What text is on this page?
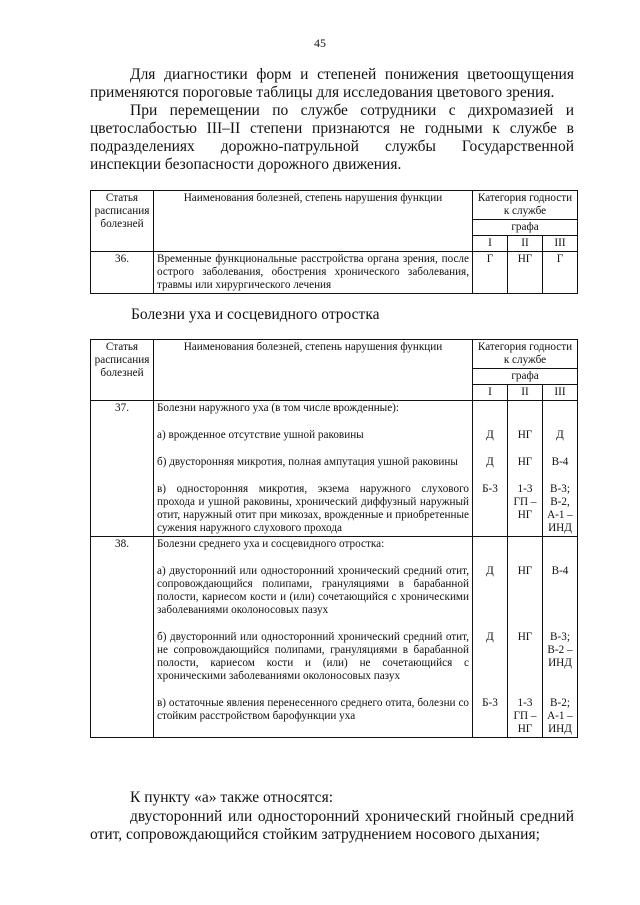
45
Для диагностики форм и степеней понижения цветоощущения применяются пороговые таблицы для исследования цветового зрения.
При перемещении по службе сотрудники с дихромазией и цветослабостью III–II степени признаются не годными к службе в подразделениях дорожно-патрульной службы Государственной инспекции безопасности дорожного движения.
Статья расписания болезней	Наименования болезней, степень нарушения функции	Категория годности к службе		
		графа		
		I	II	III
36.	Временные функциональные расстройства органа зрения, после острого заболевания, обострения хронического заболевания, травмы или хирургического лечения	Г	НГ	Г
Болезни уха и сосцевидного отростка
Статья расписания болезней	Наименования болезней, степень нарушения функции	Категория годности к службе		
		графа		
		I	II	III
37.	Болезни наружного уха (в том числе врожденные):

	а) врожденное отсутствие ушной раковины	Д	НГ	Д
	б) двусторонняя микротия, полная ампутация ушной раковины	Д	НГ	В-4
	в) односторонняя микротия, экзема наружного слухового прохода и ушной раковины, хронический диффузный наружный отит, наружный отит при микозах, врожденные и приобретенные сужения наружного слухового прохода	Б-3	1-3 ГП – НГ	В-3; В-2, А-1 – ИНД
38.	Болезни среднего уха и сосцевидного отростка:

	а) двусторонний или односторонний хронический средний отит, сопровождающийся полипами, грануляциями в барабанной полости, кариесом кости и (или) сочетающийся с хроническими заболеваниями околоносовых пазух	Д	НГ	В-4
	б) двусторонний или односторонний хронический средний отит, не сопровождающийся полипами, грануляциями в барабанной полости, кариесом кости и (или) не сочетающийся с хроническими заболеваниями околоносовых пазух	Д	НГ	В-3; В-2 – ИНД
	в) остаточные явления перенесенного среднего отита, болезни со стойким расстройством барофункции уха	Б-3	1-3 ГП – НГ	В-2; А-1 – ИНД
К пункту «а» также относятся:
двусторонний или односторонний хронический гнойный средний отит, сопровождающийся стойким затруднением носового дыхания;
